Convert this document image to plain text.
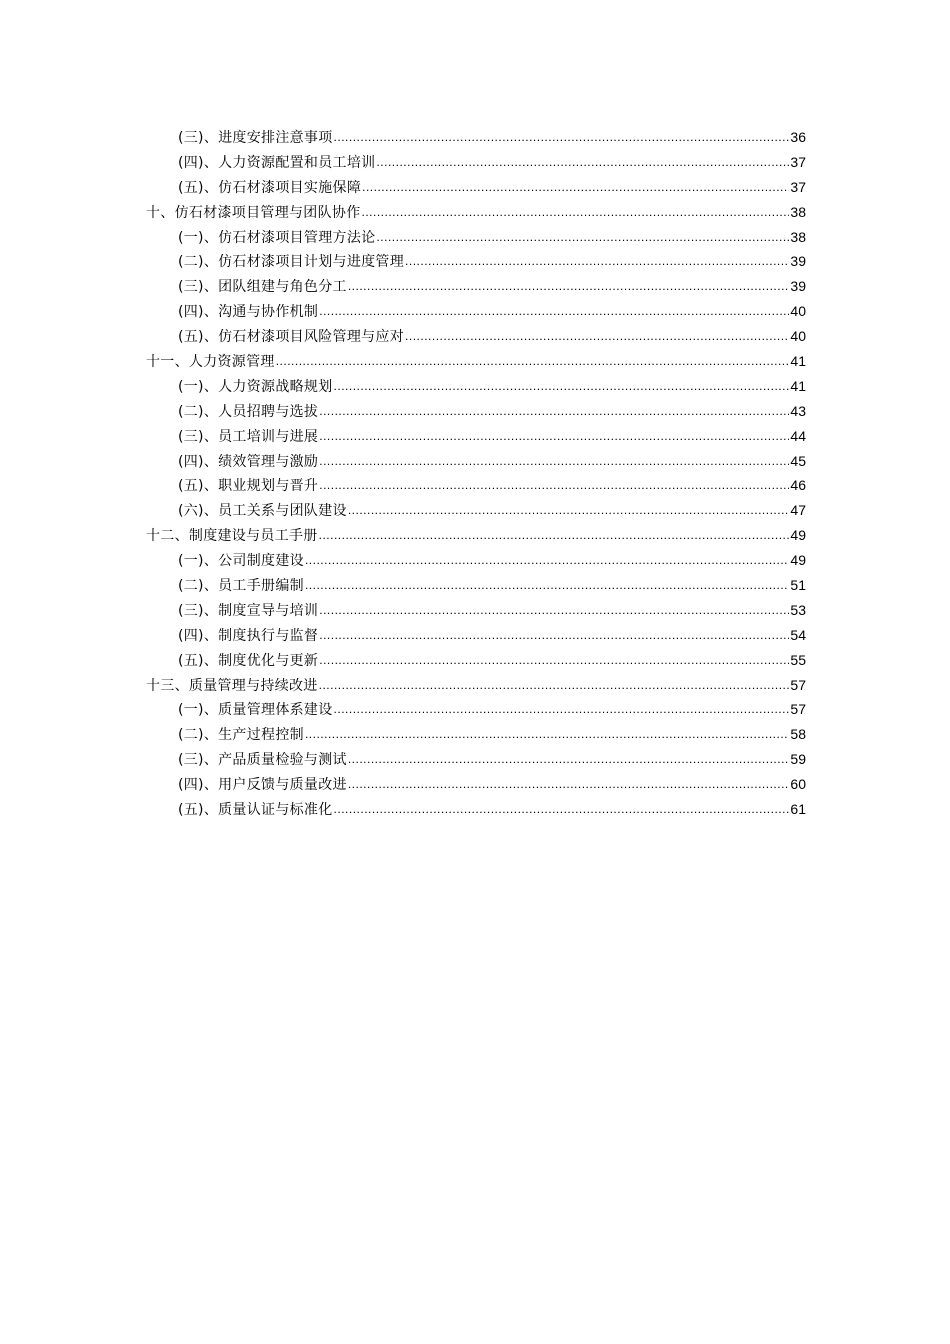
(三)、进度安排注意事项 .....	36
(四)、人力资源配置和员工培训 .....	37
(五)、仿石材漆项目实施保障 .....	37
十、仿石材漆项目管理与团队协作 .....	38
(一)、仿石材漆项目管理方法论 .....	38
(二)、仿石材漆项目计划与进度管理 .....	39
(三)、团队组建与角色分工 .....	39
(四)、沟通与协作机制 .....	40
(五)、仿石材漆项目风险管理与应对 .....	40
十一、人力资源管理 .....	41
(一)、人力资源战略规划 .....	41
(二)、人员招聘与选拔 .....	43
(三)、员工培训与进展 .....	44
(四)、绩效管理与激励 .....	45
(五)、职业规划与晋升 .....	46
(六)、员工关系与团队建设 .....	47
十二、制度建设与员工手册 .....	49
(一)、公司制度建设 .....	49
(二)、员工手册编制 .....	51
(三)、制度宣导与培训 .....	53
(四)、制度执行与监督 .....	54
(五)、制度优化与更新 .....	55
十三、质量管理与持续改进 .....	57
(一)、质量管理体系建设 .....	57
(二)、生产过程控制 .....	58
(三)、产品质量检验与测试 .....	59
(四)、用户反馈与质量改进 .....	60
(五)、质量认证与标准化 .....	61
